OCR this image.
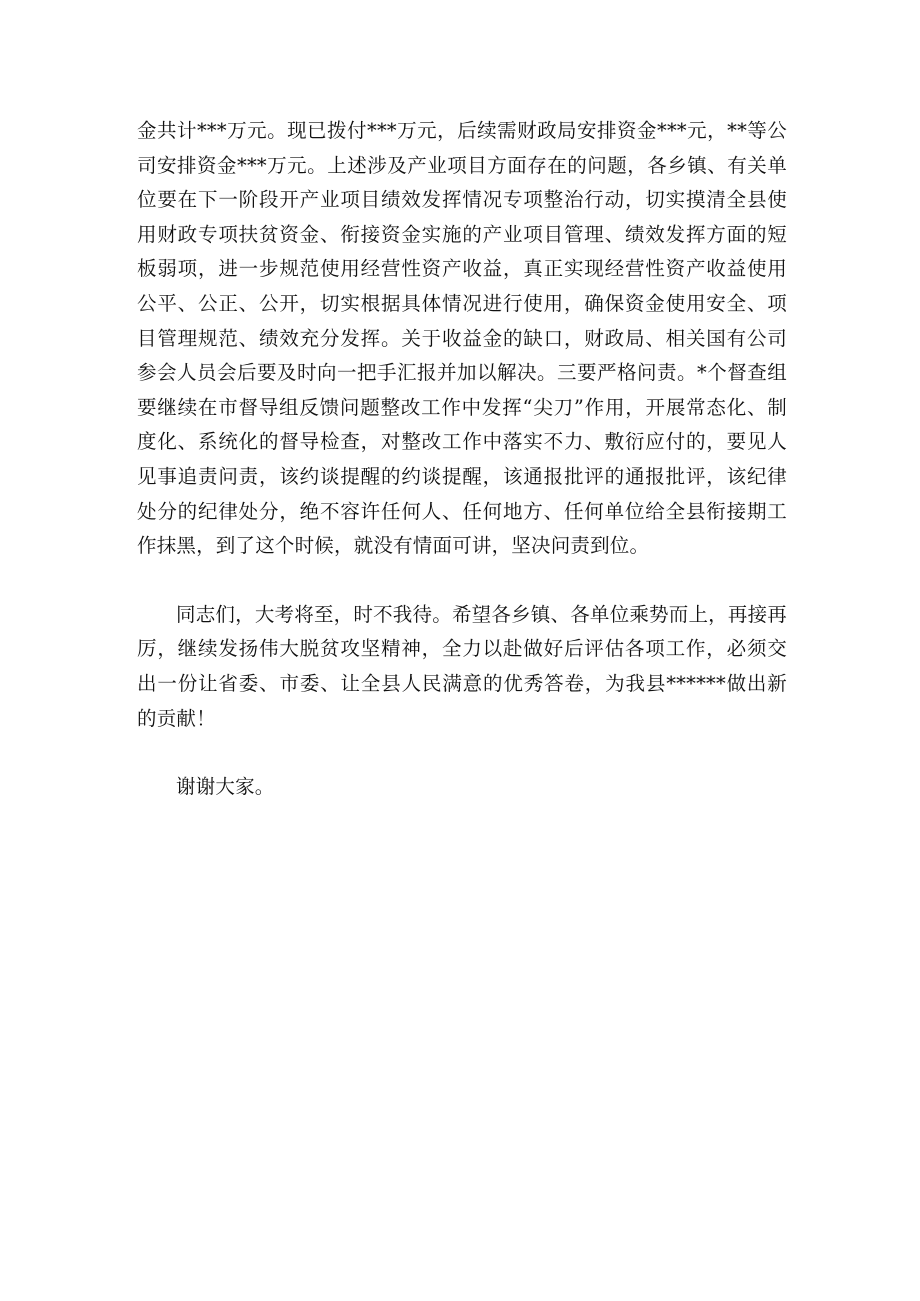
金共计***万元。现已拨付***万元，后续需财政局安排资金***元，**等公司安排资金***万元。上述涉及产业项目方面存在的问题，各乡镇、有关单位要在下一阶段开产业项目绩效发挥情况专项整治行动，切实摸清全县使用财政专项扶贫资金、衔接资金实施的产业项目管理、绩效发挥方面的短板弱项，进一步规范使用经营性资产收益，真正实现经营性资产收益使用公平、公正、公开，切实根据具体情况进行使用，确保资金使用安全、项目管理规范、绩效充分发挥。关于收益金的缺口，财政局、相关国有公司参会人员会后要及时向一把手汇报并加以解决。三要严格问责。*个督查组要继续在市督导组反馈问题整改工作中发挥“尖刀”作用，开展常态化、制度化、系统化的督导检查，对整改工作中落实不力、敷衍应付的，要见人见事追责问责，该约谈提醒的约谈提醒，该通报批评的通报批评，该纪律处分的纪律处分，绝不容许任何人、任何地方、任何单位给全县衔接期工作抹黑，到了这个时候，就没有情面可讲，坚决问责到位。

同志们，大考将至，时不我待。希望各乡镇、各单位乘势而上，再接再厉，继续发扬伟大脱贫攻坚精神，全力以赴做好后评估各项工作，必须交出一份让省委、市委、让全县人民满意的优秀答卷，为我县******做出新的贡献！

谢谢大家。
